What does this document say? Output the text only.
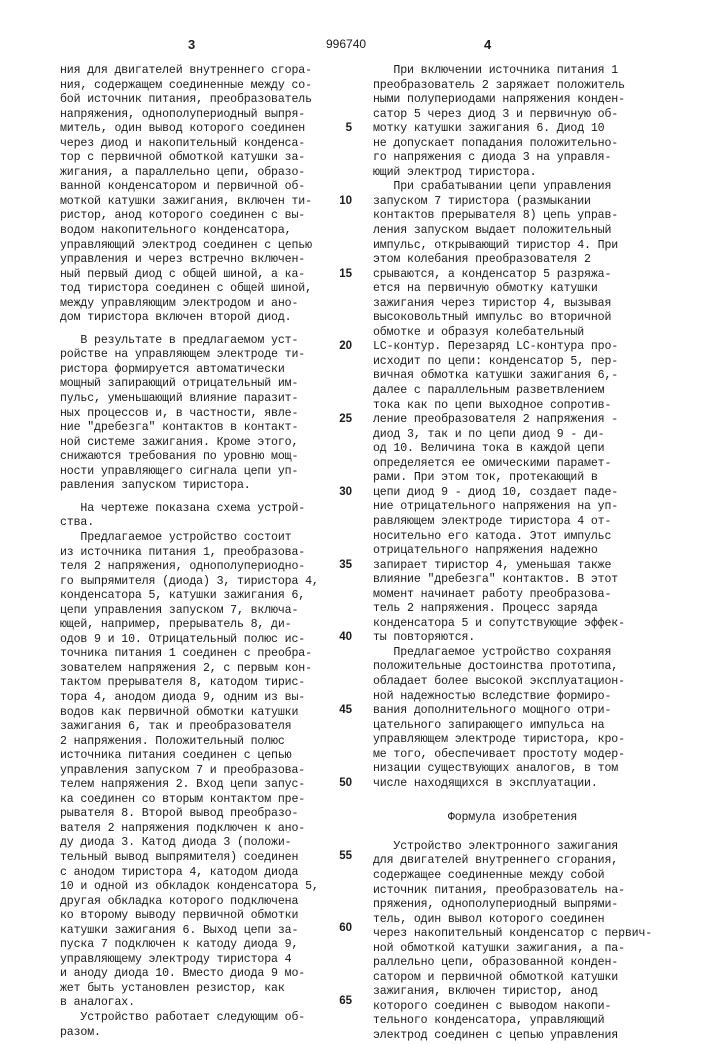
3	996740	4
ния для двигателей внутреннего сгора-
ния, содержащем соединенные между со-
бой источник питания, преобразователь
напряжения, однополупериодный выпря-
митель, один вывод которого соединен
через диод и накопительный конденса-
тор с первичной обмоткой катушки за-
жигания, а параллельно цепи, образо-
ванной конденсатором и первичной об-
моткой катушки зажигания, включен ти-
ристор, анод которого соединен с вы-
водом накопительного конденсатора,
управляющий электрод соединен с цепью
управления и через встречно включен-
ный первый диод с общей шиной, а ка-
тод тиристора соединен с общей шиной,
между управляющим электродом и ано-
дом тиристора включен второй диод.
В результате в предлагаемом уст-
ройстве на управляющем электроде ти-
ристора формируется автоматически
мощный запирающий отрицательный им-
пульс, уменьшающий влияние паразит-
ных процессов и, в частности, явле-
ние "дребезга" контактов в контакт-
ной системе зажигания. Кроме этого,
снижаются требования по уровню мощ-
ности управляющего сигнала цепи уп-
равления запуском тиристора.
На чертеже показана схема устрой-
ства.
Предлагаемое устройство состоит
из источника питания 1, преобразова-
теля 2 напряжения, однополупериодно-
го выпрямителя (диода) 3, тиристора 4,
конденсатора 5, катушки зажигания 6,
цепи управления запуском 7, включа-
ющей, например, прерыватель 8, ди-
одов 9 и 10. Отрицательный полюс ис-
точника питания 1 соединен с преобра-
зователем напряжения 2, с первым кон-
тактом прерывателя 8, катодом тирис-
тора 4, анодом диода 9, одним из вы-
водов как первичной обмотки катушки
зажигания 6, так и преобразователя
2 напряжения. Положительный полюс
источника питания соединен с цепью
управления запуском 7 и преобразова-
телем напряжения 2. Вход цепи запус-
ка соединен со вторым контактом пре-
рывателя 8. Второй вывод преобразо-
вателя 2 напряжения подключен к ано-
ду диода 3. Катод диода 3 (положи-
тельный вывод выпрямителя) соединен
с анодом тиристора 4, катодом диода
10 и одной из обкладок конденсатора 5,
другая обкладка которого подключена
ко второму выводу первичной обмотки
катушки зажигания 6. Выход цепи за-
пуска 7 подключен к катоду диода 9,
управляющему электроду тиристора 4
и аноду диода 10. Вместо диода 9 мо-
жет быть установлен резистор, как
в аналогах.
Устройство работает следующим об-
разом.
5
10
15
20
25
30
35
40
45
50
55
60
65
При включении источника питания 1
преобразователь 2 заряжает положитель
ными полупериодами напряжения конден-
сатор 5 через диод 3 и первичную об-
мотку катушки зажигания 6. Диод 10
не допускает попадания положительно-
го напряжения с диода 3 на управля-
ющий электрод тиристора.
При срабатывании цепи управления
запуском 7 тиристора (размыкании
контактов прерывателя 8) цепь управ-
ления запуском выдает положительный
импульс, открывающий тиристор 4. При
этом колебания преобразователя 2
срываются, а конденсатор 5 разряжа-
ется на первичную обмотку катушки
зажигания через тиристор 4, вызывая
высоковольтный импульс во вторичной
обмотке и образуя колебательный
LC-контур. Перезаряд LC-контура про-
исходит по цепи: конденсатор 5, пер-
вичная обмотка катушки зажигания 6,-
далее с параллельным разветвлением
тока как по цепи выходное сопротив-
ление преобразователя 2 напряжения -
диод 3, так и по цепи диод 9 - ди-
од 10. Величина тока в каждой цепи
определяется ее омическими парамет-
рами. При этом ток, протекающий в
цепи диод 9 - диод 10, создает паде-
ние отрицательного напряжения на уп-
равляющем электроде тиристора 4 от-
носительно его катода. Этот импульс
отрицательного напряжения надежно
запирает тиристор 4, уменьшая также
влияние "дребезга" контактов. В этот
момент начинает работу преобразова-
тель 2 напряжения. Процесс заряда
конденсатора 5 и сопутствующие эффек-
ты повторяются.
Предлагаемое устройство сохраняя
положительные достоинства прототипа,
обладает более высокой эксплуатацион-
ной надежностью вследствие формиро-
вания дополнительного мощного отри-
цательного запирающего импульса на
управляющем электроде тиристора, кро-
ме того, обеспечивает простоту модер-
низации существующих аналогов, в том
числе находящихся в эксплуатации.
Формула изобретения
Устройство электронного зажигания
для двигателей внутреннего сгорания,
содержащее соединенные между собой
источник питания, преобразователь на-
пряжения, однополупериодный выпрями-
тель, один вывол которого соединен
через накопительный конденсатор с первич-
ной обмоткой катушки зажигания, а па-
раллельно цепи, образованной конден-
сатором и первичной обмоткой катушки
зажигания, включен тиристор, анод
которого соединен с выводом накопи-
тельного конденсатора, управляющий
электрод соединен с цепью управления
